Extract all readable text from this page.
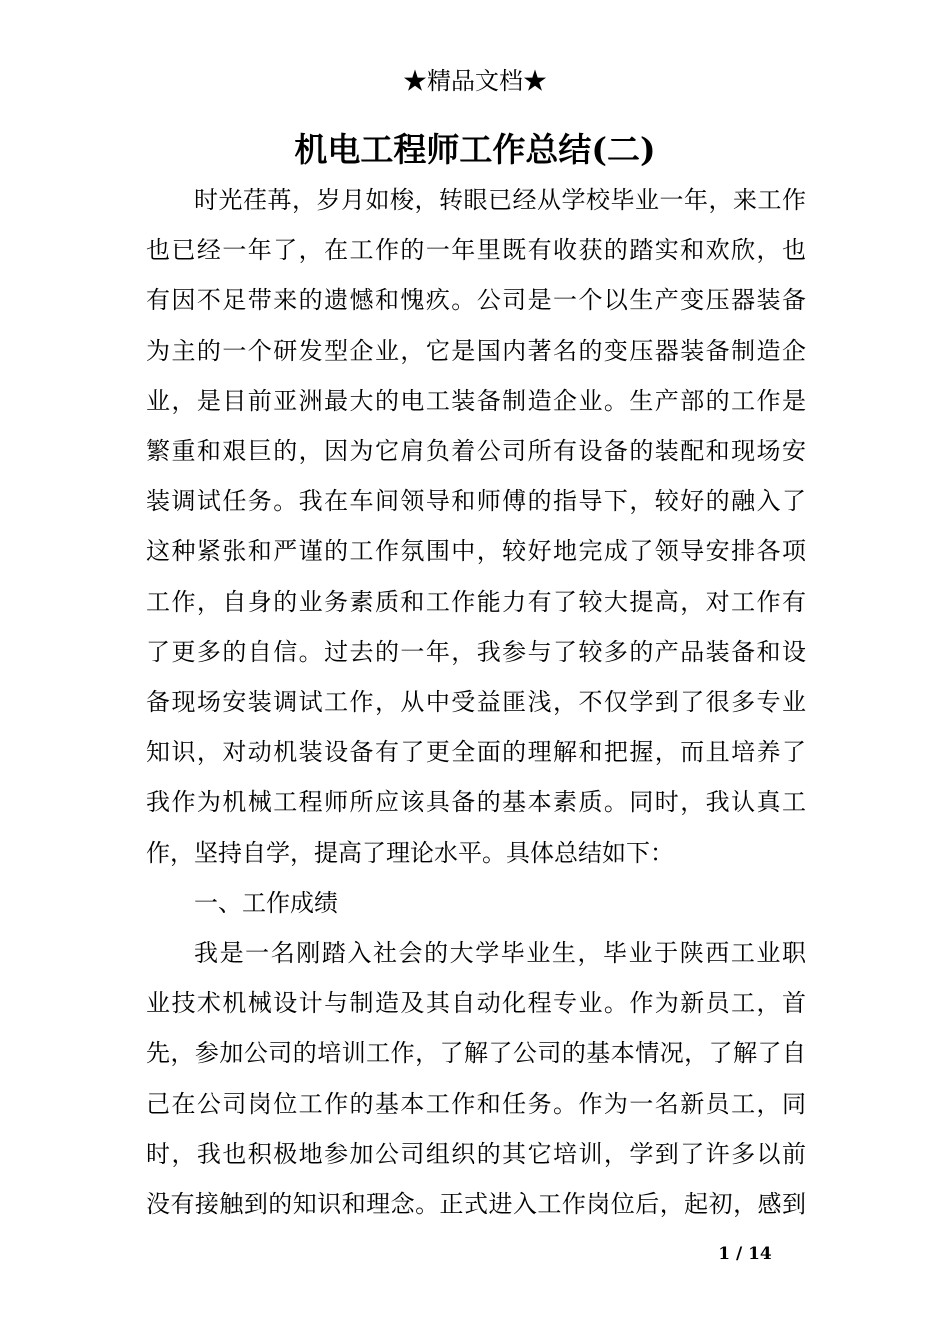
★精品文档★
机电工程师工作总结(二)
时光荏苒，岁月如梭，转眼已经从学校毕业一年，来工作
也已经一年了，在工作的一年里既有收获的踏实和欢欣，也
有因不足带来的遗憾和愧疚。公司是一个以生产变压器装备
为主的一个研发型企业，它是国内著名的变压器装备制造企
业，是目前亚洲最大的电工装备制造企业。生产部的工作是
繁重和艰巨的，因为它肩负着公司所有设备的装配和现场安
装调试任务。我在车间领导和师傅的指导下，较好的融入了
这种紧张和严谨的工作氛围中，较好地完成了领导安排各项
工作，自身的业务素质和工作能力有了较大提高，对工作有
了更多的自信。过去的一年，我参与了较多的产品装备和设
备现场安装调试工作，从中受益匪浅，不仅学到了很多专业
知识，对动机装设备有了更全面的理解和把握，而且培养了
我作为机械工程师所应该具备的基本素质。同时，我认真工
作，坚持自学，提高了理论水平。具体总结如下：
一、工作成绩
我是一名刚踏入社会的大学毕业生，毕业于陕西工业职
业技术机械设计与制造及其自动化程专业。作为新员工，首
先，参加公司的培训工作，了解了公司的基本情况，了解了自
己在公司岗位工作的基本工作和任务。作为一名新员工，同
时，我也积极地参加公司组织的其它培训，学到了许多以前
没有接触到的知识和理念。正式进入工作岗位后，起初，感到
1 / 14
